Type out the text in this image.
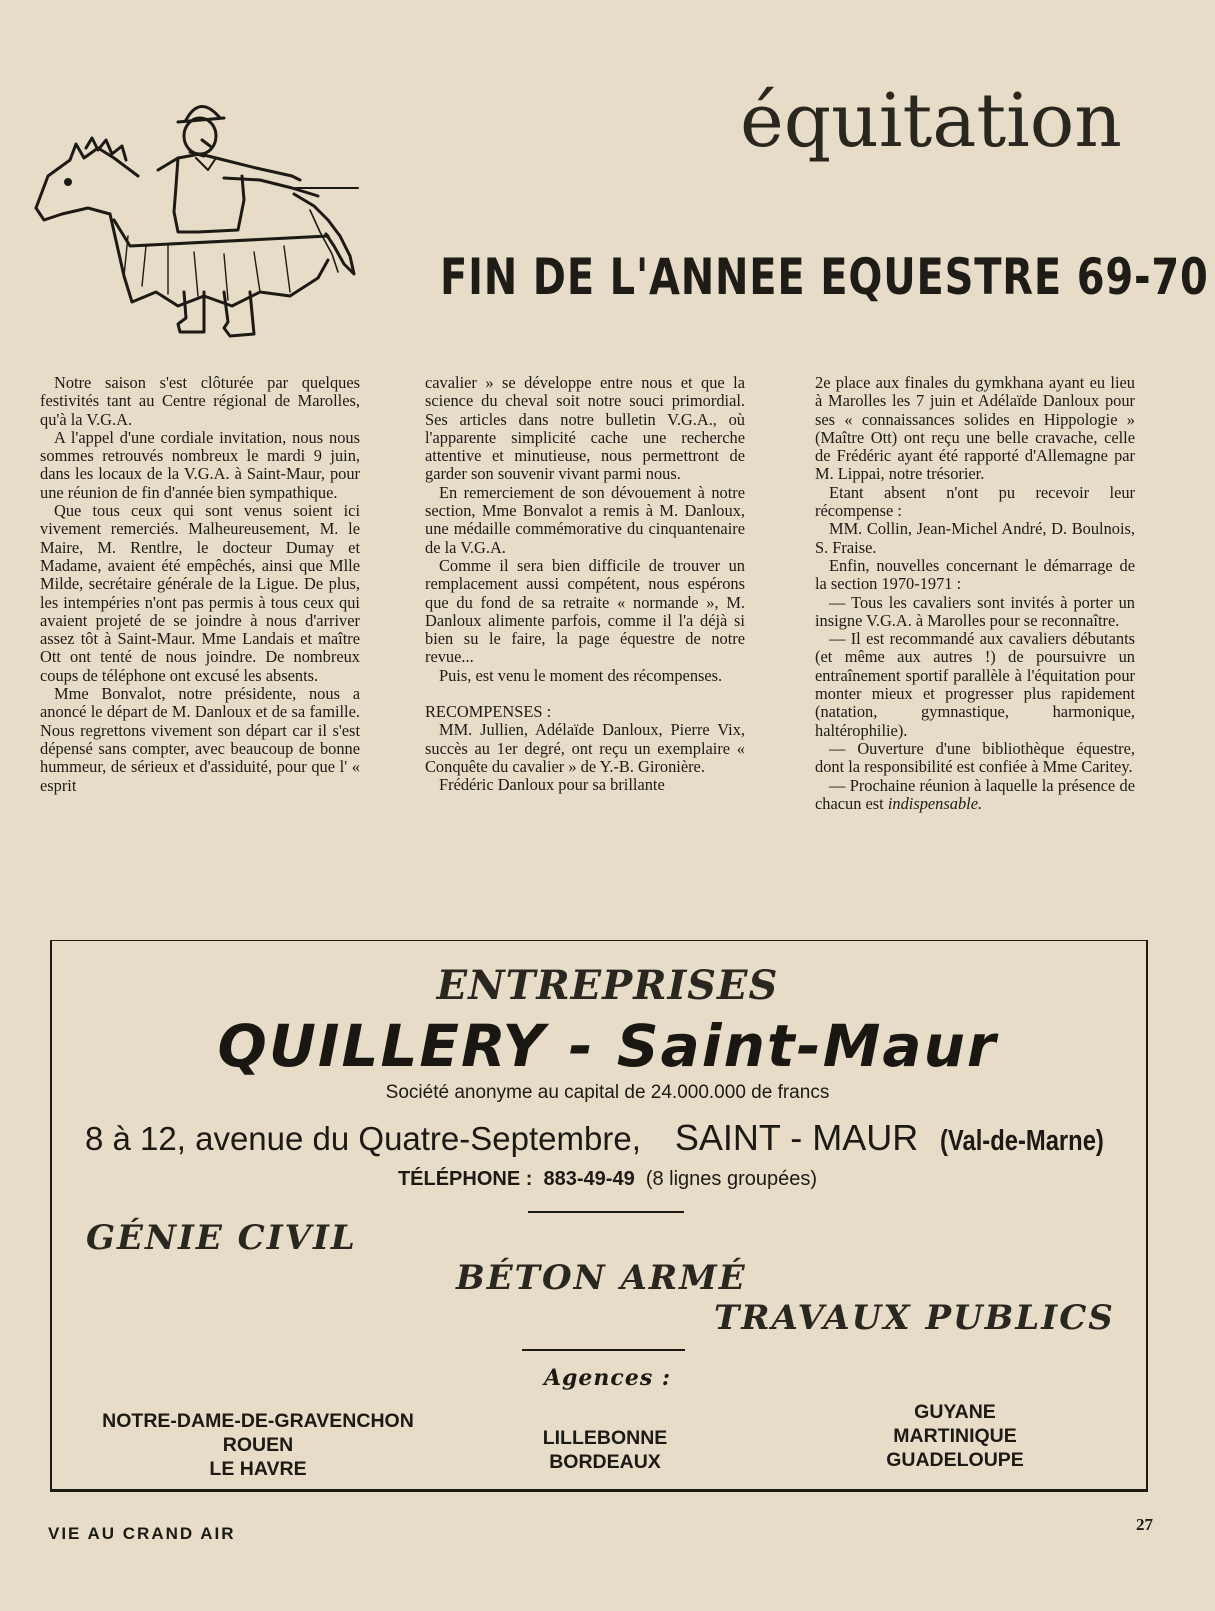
équitation
FIN DE L'ANNEE EQUESTRE 69-70

Notre saison s'est clôturée par quelques festivités tant au Centre régional de Marolles, qu'à la V.G.A.

A l'appel d'une cordiale invitation, nous nous sommes retrouvés nombreux le mardi 9 juin, dans les locaux de la V.G.A. à Saint-Maur, pour une réunion de fin d'année bien sympathique.

Que tous ceux qui sont venus soient ici vivement remerciés. Malheureusement, M. le Maire, M. Rentlre, le docteur Dumay et Madame, avaient été empêchés, ainsi que Mlle Milde, secrétaire générale de la Ligue. De plus, les intempéries n'ont pas permis à tous ceux qui avaient projeté de se joindre à nous d'arriver assez tôt à Saint-Maur. Mme Landais et maître Ott ont tenté de nous joindre. De nombreux coups de téléphone ont excusé les absents.

Mme Bonvalot, notre présidente, nous a anoncé le départ de M. Danloux et de sa famille. Nous regrettons vivement son départ car il s'est dépensé sans compter, avec beaucoup de bonne hummeur, de sérieux et d'assiduité, pour que l' « esprit

cavalier » se développe entre nous et que la science du cheval soit notre souci primordial. Ses articles dans notre bulletin V.G.A., où l'apparente simplicité cache une recherche attentive et minutieuse, nous permettront de garder son souvenir vivant parmi nous.

En remerciement de son dévouement à notre section, Mme Bonvalot a remis à M. Danloux, une médaille commémorative du cinquantenaire de la V.G.A.

Comme il sera bien difficile de trouver un remplacement aussi compétent, nous espérons que du fond de sa retraite « normande », M. Danloux alimente parfois, comme il l'a déjà si bien su le faire, la page équestre de notre revue...

Puis, est venu le moment des récompenses.

RECOMPENSES :

MM. Jullien, Adélaïde Danloux, Pierre Vix, succès au 1er degré, ont reçu un exemplaire « Conquête du cavalier » de Y.-B. Gironière.

Frédéric Danloux pour sa brillante

2e place aux finales du gymkhana ayant eu lieu à Marolles les 7 juin et Adélaïde Danloux pour ses « connaissances solides en Hippologie » (Maître Ott) ont reçu une belle cravache, celle de Frédéric ayant été rapporté d'Allemagne par M. Lippai, notre trésorier.

Etant absent n'ont pu recevoir leur récompense :

MM. Collin, Jean-Michel André, D. Boulnois, S. Fraise.

Enfin, nouvelles concernant le démarrage de la section 1970-1971 :

— Tous les cavaliers sont invités à porter un insigne V.G.A. à Marolles pour se reconnaître.

— Il est recommandé aux cavaliers débutants (et même aux autres !) de poursuivre un entraînement sportif parallèle à l'équitation pour monter mieux et progresser plus rapidement (natation, gymnastique, harmonique, haltérophilie).

— Ouverture d'une bibliothèque équestre, dont la responsibilité est confiée à Mme Caritey.

— Prochaine réunion à laquelle la présence de chacun est indispensable.

ENTREPRISES
QUILLERY - Saint-Maur
Société anonyme au capital de 24.000.000 de francs
8 à 12, avenue du Quatre-Septembre, SAINT - MAUR (Val-de-Marne)
TÉLÉPHONE : 883-49-49 (8 lignes groupées)
GÉNIE CIVIL
BÉTON ARMÉ
TRAVAUX PUBLICS
Agences :
NOTRE-DAME-DE-GRAVENCHON
ROUEN
LE HAVRE
LILLEBONNE
BORDEAUX
GUYANE
MARTINIQUE
GUADELOUPE
VIE AU CRAND AIR	27
